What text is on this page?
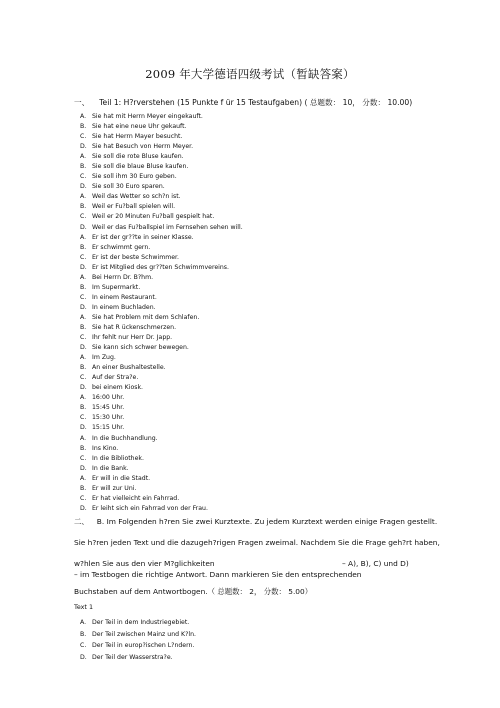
2009 年大学德语四级考试（暂缺答案）
一、 Teil 1: H?rverstehen (15 Punkte f ür 15 Testaufgaben) ( 总题数： 10， 分数： 10.00)
A. Sie hat mit Herrn Meyer eingekauft.
B. Sie hat eine neue Uhr gekauft.
C. Sie hat Herrn Mayer besucht.
D. Sie hat Besuch von Herrn Meyer.
A. Sie soll die rote Bluse kaufen.
B. Sie soll die blaue Bluse kaufen.
C. Sie soll ihm 30 Euro geben.
D. Sie soll 30 Euro sparen.
A. Weil das Wetter so sch?n ist.
B. Weil er Fu?ball spielen will.
C. Weil er 20 Minuten Fu?ball gespielt hat.
D. Weil er das Fu?ballspiel im Fernsehen sehen will.
A. Er ist der gr??te in seiner Klasse.
B. Er schwimmt gern.
C. Er ist der beste Schwimmer.
D. Er ist Mitglied des gr??ten Schwimmvereins.
A. Bei Herrn Dr. B?hm.
B. Im Supermarkt.
C. In einem Restaurant.
D. In einem Buchladen.
A. Sie hat Problem mit dem Schlafen.
B. Sie hat R ückenschmerzen.
C. Ihr fehlt nur Herr Dr. Japp.
D. Sie kann sich schwer bewegen.
A. Im Zug.
B. An einer Bushaltestelle.
C. Auf der Stra?e.
D. bei einem Kiosk.
A. 16:00 Uhr.
B. 15:45 Uhr.
C. 15:30 Uhr.
D. 15:15 Uhr.
A. In die Buchhandlung.
B. Ins Kino.
C. In die Bibliothek.
D. In die Bank.
A. Er will in die Stadt.
B. Er will zur Uni.
C. Er hat vielleicht ein Fahrrad.
D. Er leiht sich ein Fahrrad von der Frau.
二、 B. Im Folgenden h?ren Sie zwei Kurztexte. Zu jedem Kurztext werden einige Fragen gestellt.
Sie h?ren jeden Text und die dazugeh?rigen Fragen zweimal. Nachdem Sie die Frage geh?rt haben,
w?hlen Sie aus den vier M?glichkeiten	– A), B), C) und D)
– im Testbogen die richtige Antwort. Dann markieren Sie den entsprechenden
Buchstaben auf dem Antwortbogen.（ 总题数： 2， 分数： 5.00）
Text 1
A. Der Teil in dem Industriegebiet.
B. Der Teil zwischen Mainz und K?ln.
C. Der Teil in europ?ischen L?ndern.
D. Der Teil der Wasserstra?e.
